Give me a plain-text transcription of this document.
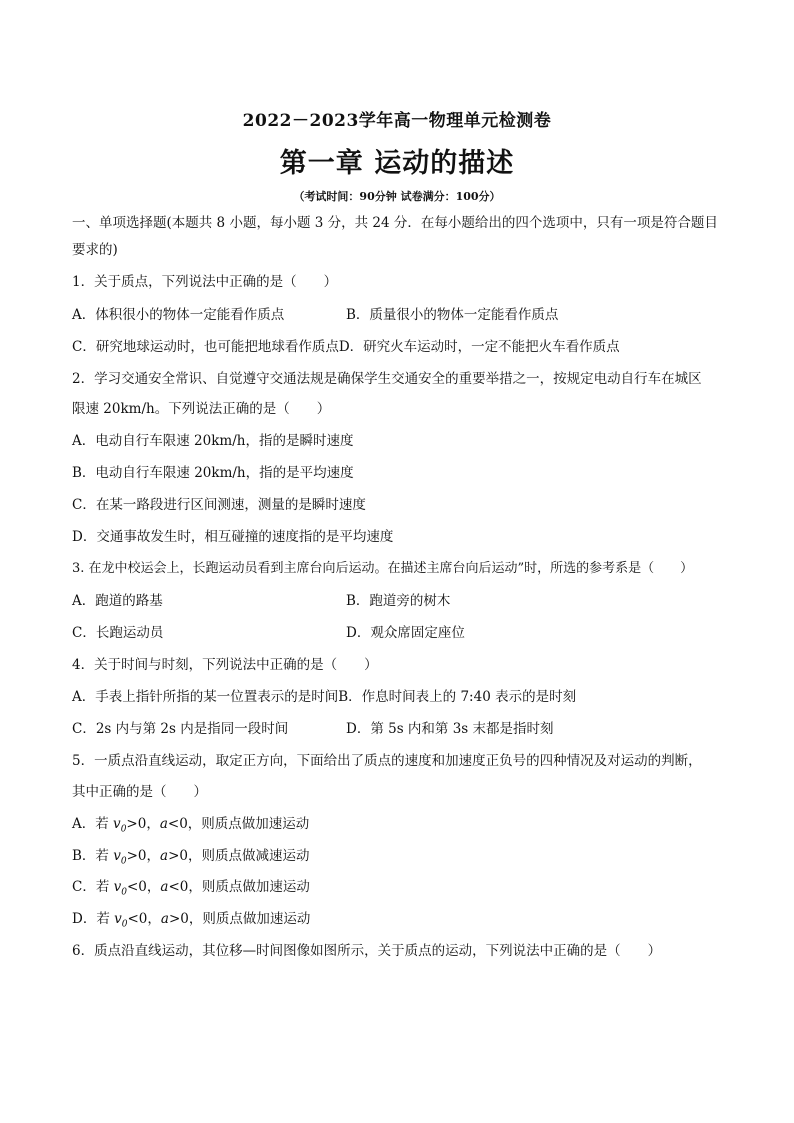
2022－2023学年高一物理单元检测卷
第一章 运动的描述
（考试时间：90分钟 试卷满分：100分）
一、单项选择题(本题共 8 小题，每小题 3 分，共 24 分．在每小题给出的四个选项中，只有一项是符合题目
要求的)
1．关于质点，下列说法中正确的是（　　）
A．体积很小的物体一定能看作质点	B．质量很小的物体一定能看作质点
C．研究地球运动时，也可能把地球看作质点D．研究火车运动时，一定不能把火车看作质点
2．学习交通安全常识、自觉遵守交通法规是确保学生交通安全的重要举措之一，按规定电动自行车在城区
限速 20km/h。下列说法正确的是（　　）
A．电动自行车限速 20km/h，指的是瞬时速度
B．电动自行车限速 20km/h，指的是平均速度
C．在某一路段进行区间测速，测量的是瞬时速度
D．交通事故发生时，相互碰撞的速度指的是平均速度
3. 在龙中校运会上，长跑运动员看到主席台向后运动。在描述主席台向后运动”时，所选的参考系是（　　）
A．跑道的路基	B．跑道旁的树木
C．长跑运动员	D．观众席固定座位
4．关于时间与时刻，下列说法中正确的是（　　）
A．手表上指针所指的某一位置表示的是时间B．作息时间表上的 7:40 表示的是时刻
C．2s 内与第 2s 内是指同一段时间	D．第 5s 内和第 3s 末都是指时刻
5．一质点沿直线运动，取定正方向，下面给出了质点的速度和加速度正负号的四种情况及对运动的判断，
其中正确的是（　　）
A．若 $v_0>0$，a<0，则质点做加速运动
B．若 $v_0>0$，a>0，则质点做减速运动
C．若 $v_0<0$，a<0，则质点做加速运动
D．若 $v_0<0$，a>0，则质点做加速运动
6．质点沿直线运动，其位移—时间图像如图所示，关于质点的运动，下列说法中正确的是（　　）
